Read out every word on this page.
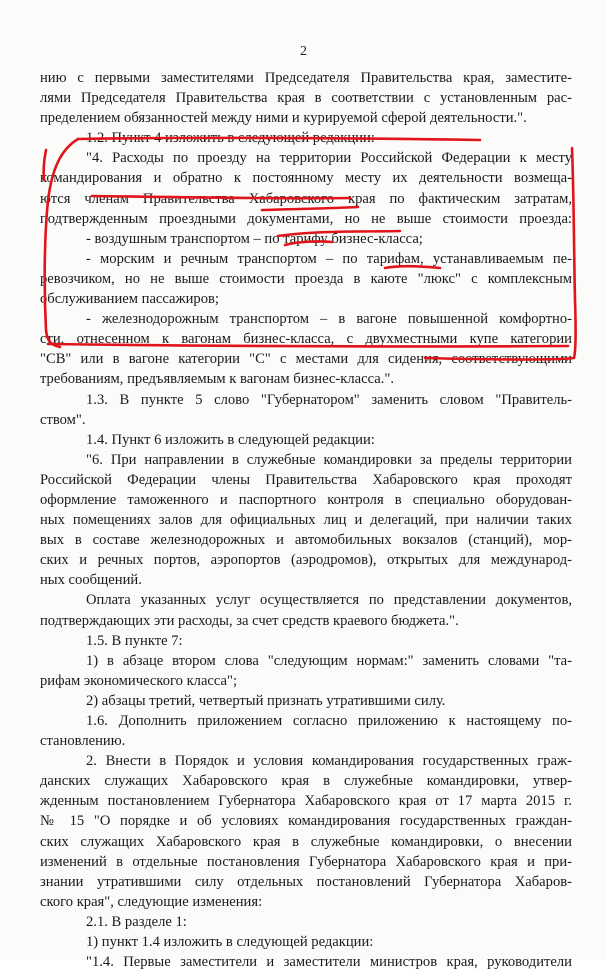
2
нию с первыми заместителями Председателя Правительства края, заместите-
лями Председателя Правительства края в соответствии с установленным рас-
пределением обязанностей между ними и курируемой сферой деятельности.".
1.2. Пункт 4 изложить в следующей редакции:
"4. Расходы по проезду на территории Российской Федерации к месту
командирования и обратно к постоянному месту их деятельности возмеща-
ются членам Правительства Хабаровского края по фактическим затратам,
подтвержденным проездными документами, но не выше стоимости проезда:
- воздушным транспортом – по тарифу бизнес-класса;
- морским и речным транспортом – по тарифам, устанавливаемым пе-
ревозчиком, но не выше стоимости проезда в каюте "люкс" с комплексным
обслуживанием пассажиров;
- железнодорожным транспортом – в вагоне повышенной комфортно-
сти, отнесенном к вагонам бизнес-класса, с двухместными купе категории
"СВ" или в вагоне категории "С" с местами для сидения, соответствующими
требованиям, предъявляемым к вагонам бизнес-класса.".
1.3. В пункте 5 слово "Губернатором" заменить словом "Правитель-
ством".
1.4. Пункт 6 изложить в следующей редакции:
"6. При направлении в служебные командировки за пределы территории
Российской Федерации члены Правительства Хабаровского края проходят
оформление таможенного и паспортного контроля в специально оборудован-
ных помещениях залов для официальных лиц и делегаций, при наличии таких
вых в составе железнодорожных и автомобильных вокзалов (станций), мор-
ских и речных портов, аэропортов (аэродромов), открытых для международ-
ных сообщений.
Оплата указанных услуг осуществляется по представлении документов,
подтверждающих эти расходы, за счет средств краевого бюджета.".
1.5. В пункте 7:
1) в абзаце втором слова "следующим нормам:" заменить словами "та-
рифам экономического класса";
2) абзацы третий, четвертый признать утратившими силу.
1.6. Дополнить приложением согласно приложению к настоящему по-
становлению.
2. Внести в Порядок и условия командирования государственных граж-
данских служащих Хабаровского края в служебные командировки, утвер-
жденным постановлением Губернатора Хабаровского края от 17 марта 2015 г.
№ 15 "О порядке и об условиях командирования государственных граждан-
ских служащих Хабаровского края в служебные командировки, о внесении
изменений в отдельные постановления Губернатора Хабаровского края и при-
знании утратившими силу отдельных постановлений Губернатора Хабаров-
ского края", следующие изменения:
2.1. В разделе 1:
1) пункт 1.4 изложить в следующей редакции:
"1.4. Первые заместители и заместители министров края, руководители
